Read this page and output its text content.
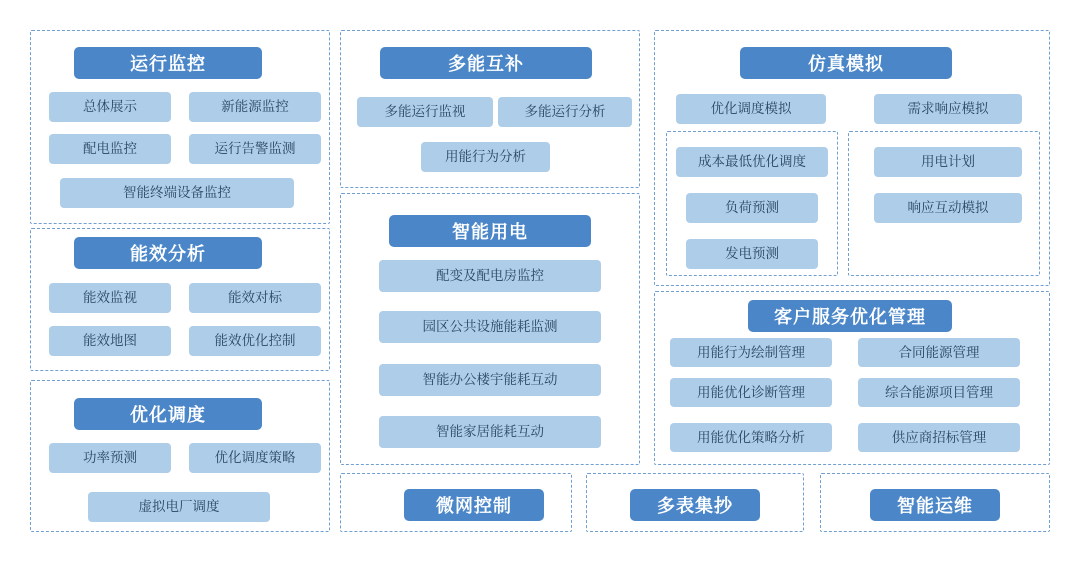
运行监控
总体展示	新能源监控
配电监控	运行告警监测
智能终端设备监控
能效分析
能效监视	能效对标
能效地图	能效优化控制
优化调度
功率预测	优化调度策略
虚拟电厂调度
多能互补
多能运行监视	多能运行分析
用能行为分析
智能用电
配变及配电房监控
园区公共设施能耗监测
智能办公楼宇能耗互动
智能家居能耗互动
微网控制	多表集抄	智能运维
仿真模拟
优化调度模拟	需求响应模拟
成本最低优化调度
负荷预测
发电预测
用电计划
响应互动模拟
客户服务优化管理
用能行为绘制管理	合同能源管理
用能优化诊断管理	综合能源项目管理
用能优化策略分析	供应商招标管理
